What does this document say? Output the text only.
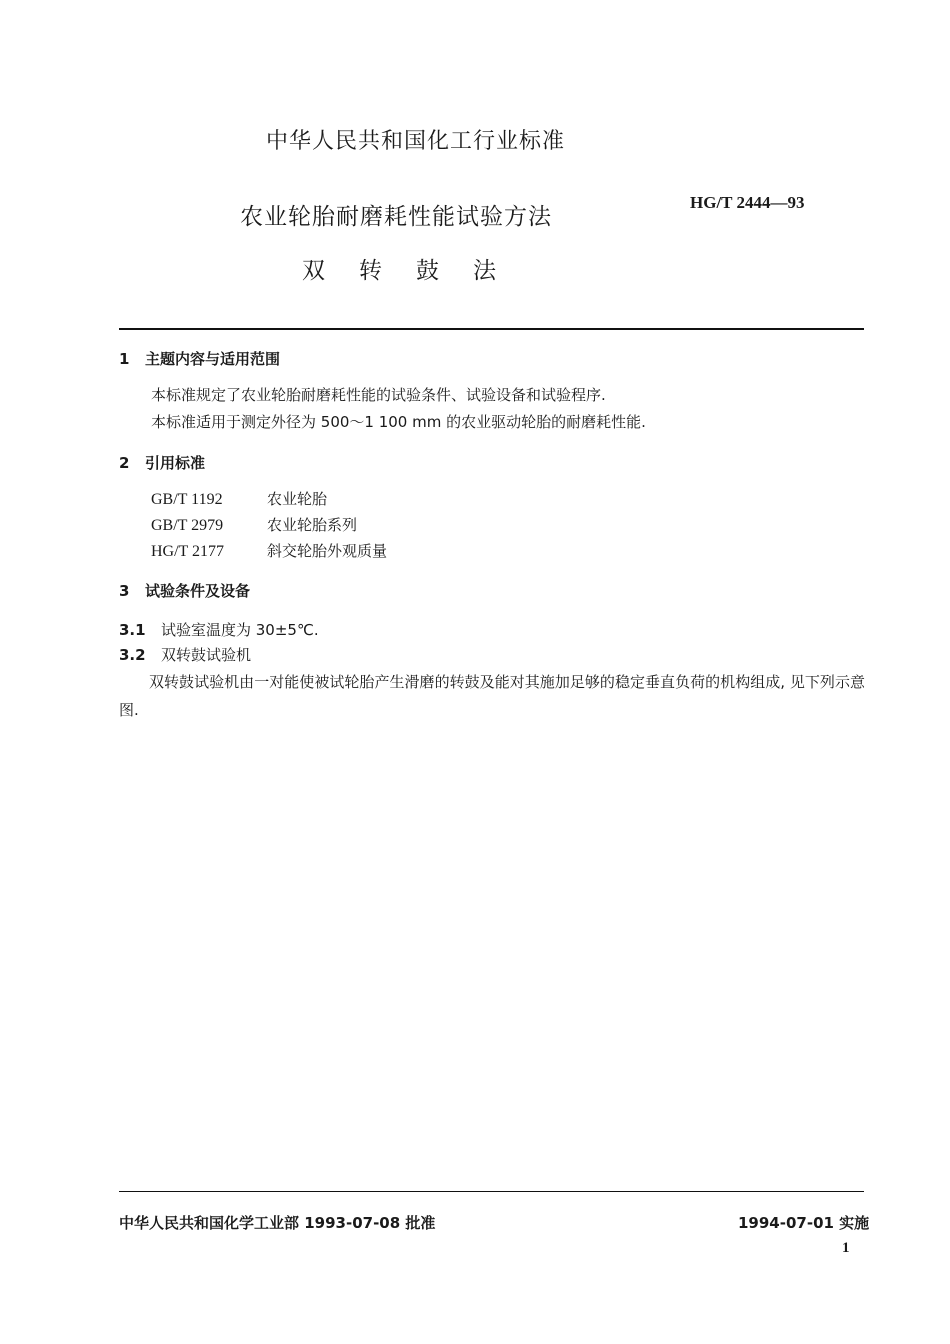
中华人民共和国化工行业标准
农业轮胎耐磨耗性能试验方法
HG/T 2444—93
双转鼓法
1 主题内容与适用范围
本标准规定了农业轮胎耐磨耗性能的试验条件、试验设备和试验程序.
本标准适用于测定外径为 500～1 100 mm 的农业驱动轮胎的耐磨耗性能.
2 引用标准
GB/T 1192	农业轮胎
GB/T 2979	农业轮胎系列
HG/T 2177	斜交轮胎外观质量
3 试验条件及设备
3.1 试验室温度为 30±5℃.
3.2 双转鼓试验机
双转鼓试验机由一对能使被试轮胎产生滑磨的转鼓及能对其施加足够的稳定垂直负荷的机构组成, 见下列示意图.
中华人民共和国化学工业部 1993-07-08 批准	1994-07-01 实施
1
